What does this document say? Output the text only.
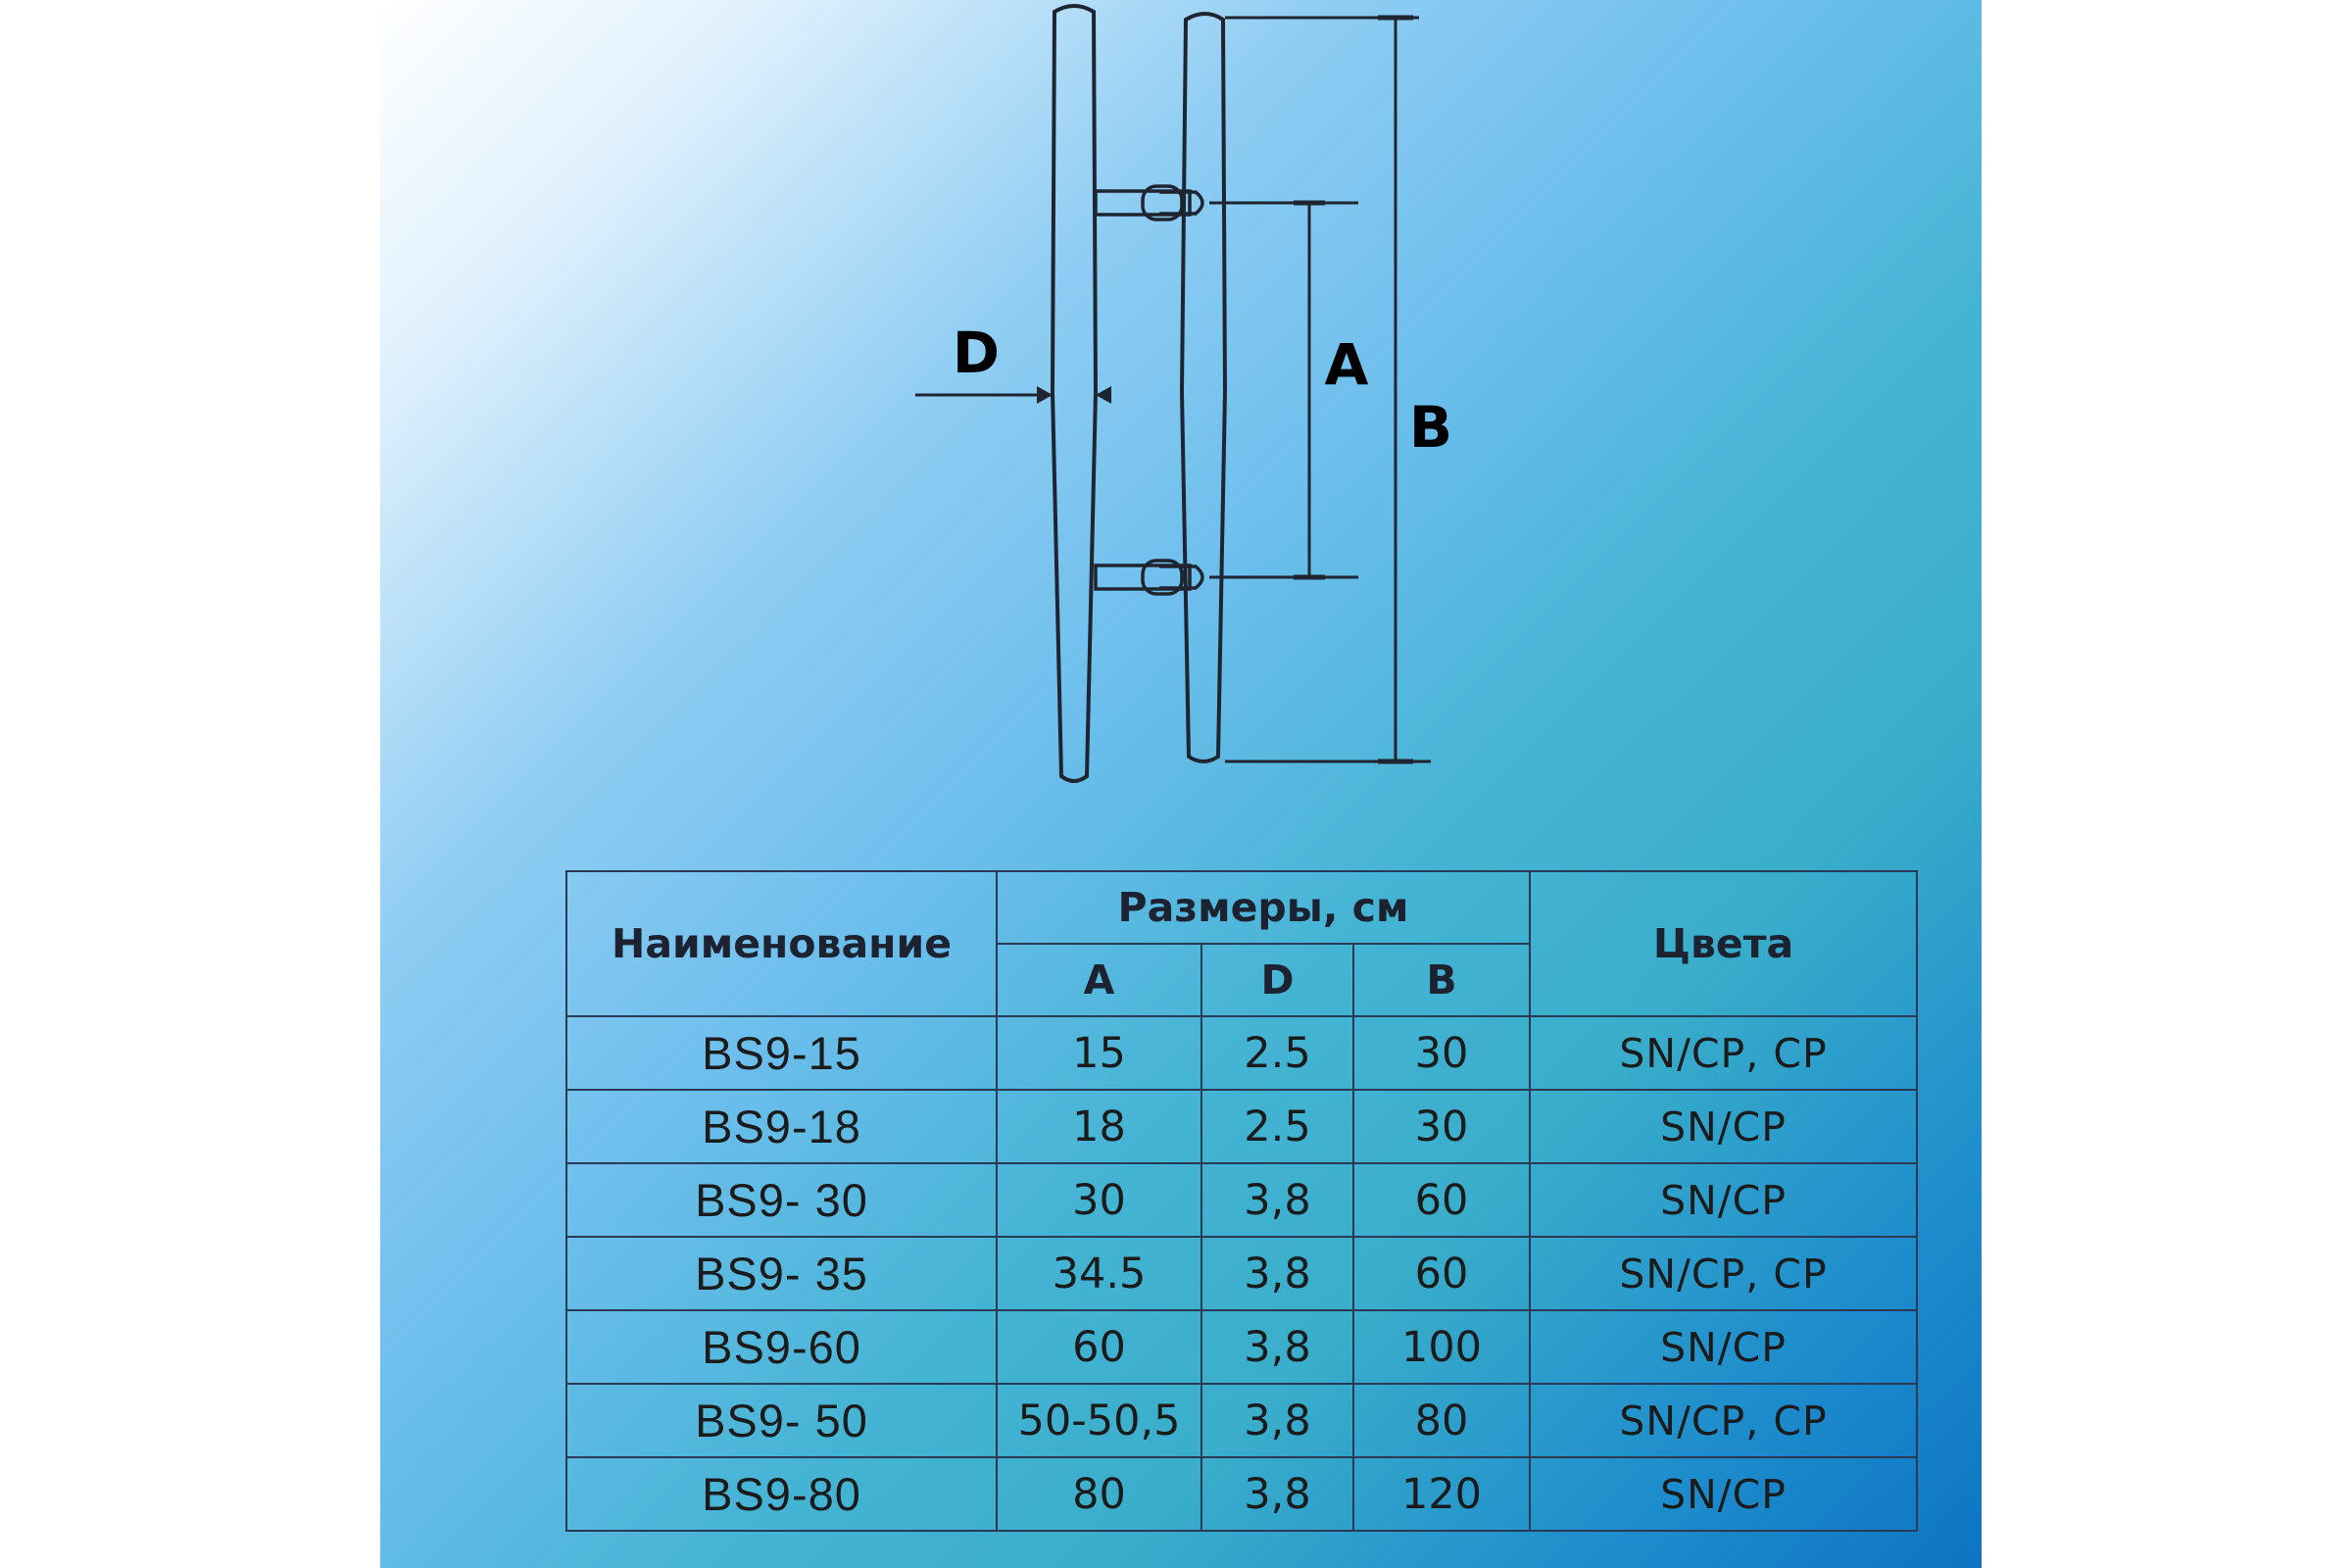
D	A
B
Наименование	Размеры, см			Цвета
	A	D	B	
BS9-15	15	2.5	30	SN/CP, CP
BS9-18	18	2.5	30	SN/CP
BS9- 30	30	3,8	60	SN/CP
BS9- 35	34.5	3,8	60	SN/CP, CP
BS9-60	60	3,8	100	SN/CP
BS9- 50	50-50,5	3,8	80	SN/CP, CP
BS9-80	80	3,8	120	SN/CP
